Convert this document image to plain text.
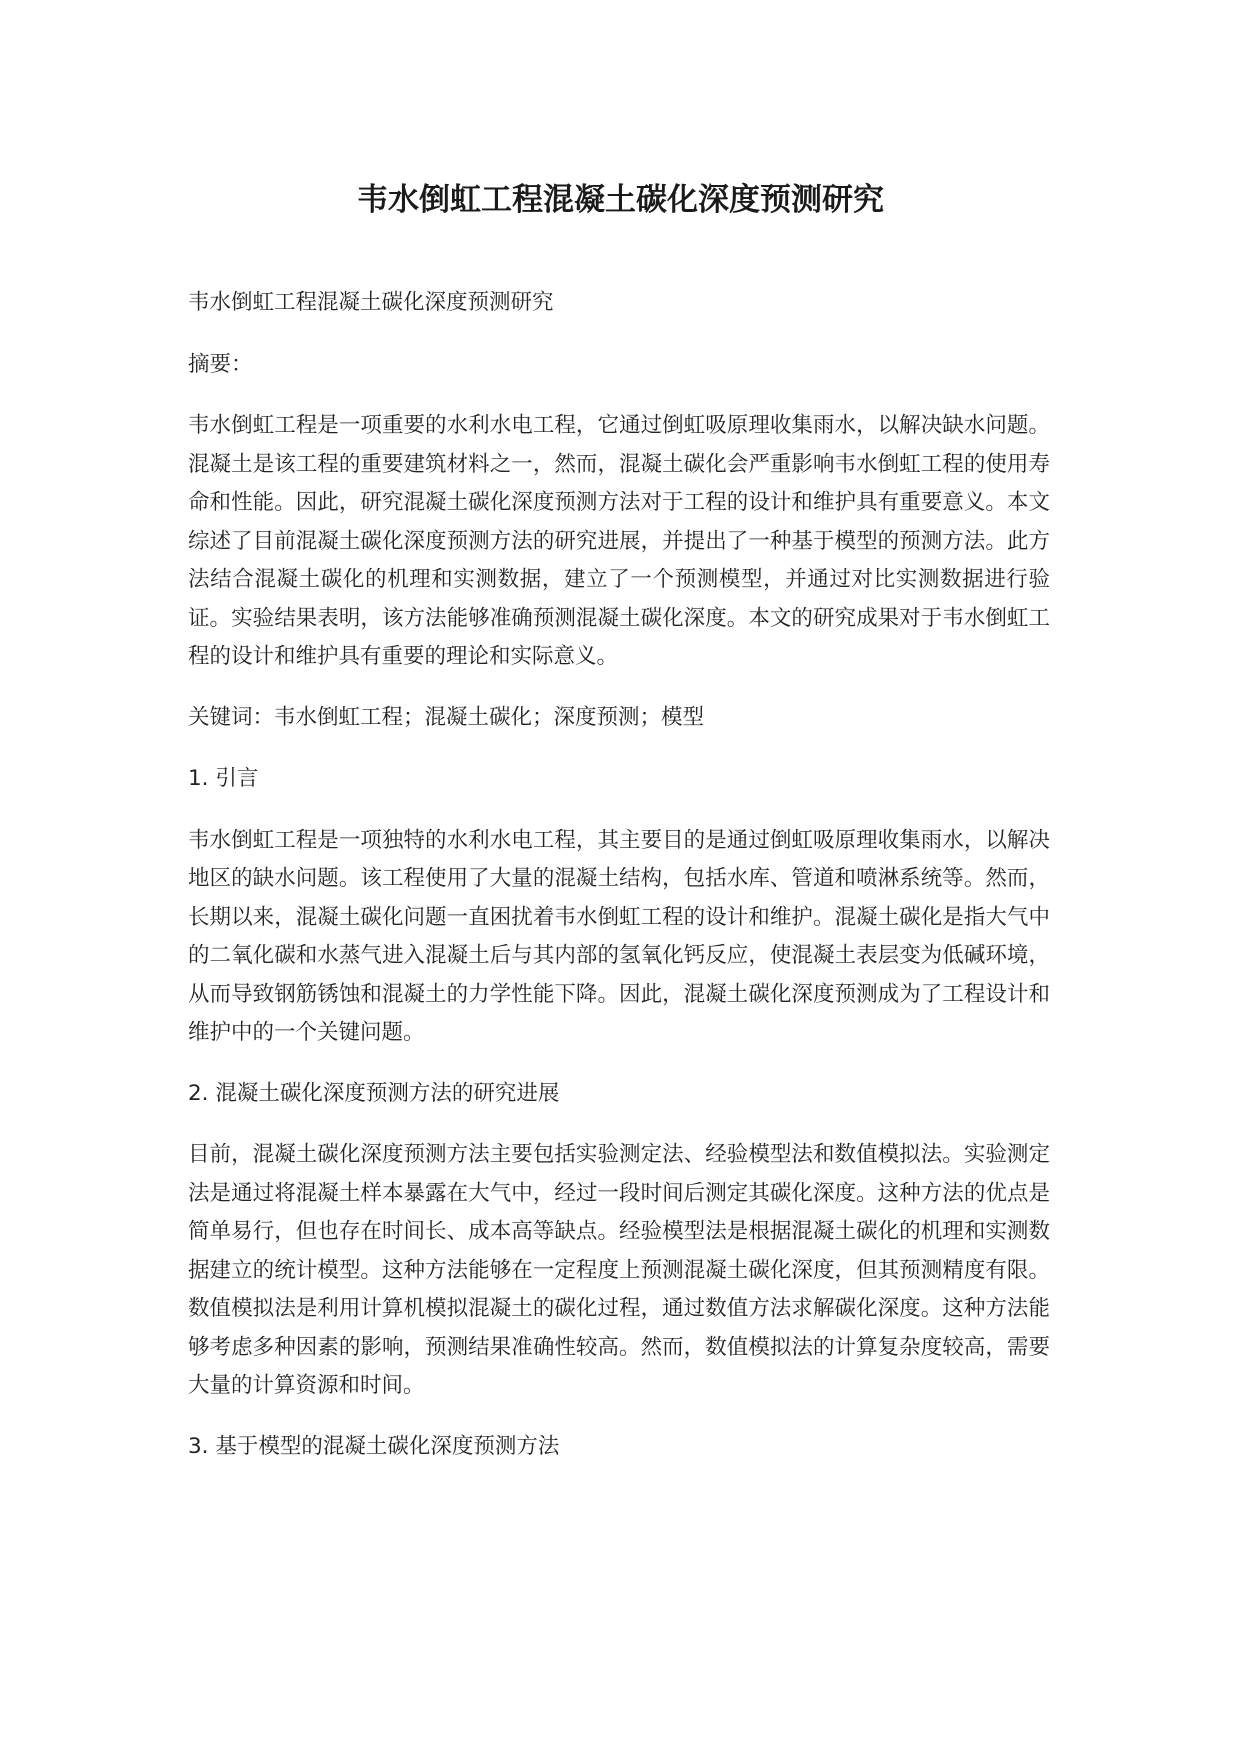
韦水倒虹工程混凝土碳化深度预测研究

韦水倒虹工程混凝土碳化深度预测研究

摘要：

韦水倒虹工程是一项重要的水利水电工程，它通过倒虹吸原理收集雨水，以解决缺水问题。混凝土是该工程的重要建筑材料之一，然而，混凝土碳化会严重影响韦水倒虹工程的使用寿命和性能。因此，研究混凝土碳化深度预测方法对于工程的设计和维护具有重要意义。本文综述了目前混凝土碳化深度预测方法的研究进展，并提出了一种基于模型的预测方法。此方法结合混凝土碳化的机理和实测数据，建立了一个预测模型，并通过对比实测数据进行验证。实验结果表明，该方法能够准确预测混凝土碳化深度。本文的研究成果对于韦水倒虹工程的设计和维护具有重要的理论和实际意义。

关键词：韦水倒虹工程；混凝土碳化；深度预测；模型

1. 引言

韦水倒虹工程是一项独特的水利水电工程，其主要目的是通过倒虹吸原理收集雨水，以解决地区的缺水问题。该工程使用了大量的混凝土结构，包括水库、管道和喷淋系统等。然而，长期以来，混凝土碳化问题一直困扰着韦水倒虹工程的设计和维护。混凝土碳化是指大气中的二氧化碳和水蒸气进入混凝土后与其内部的氢氧化钙反应，使混凝土表层变为低碱环境，从而导致钢筋锈蚀和混凝土的力学性能下降。因此，混凝土碳化深度预测成为了工程设计和维护中的一个关键问题。

2. 混凝土碳化深度预测方法的研究进展

目前，混凝土碳化深度预测方法主要包括实验测定法、经验模型法和数值模拟法。实验测定法是通过将混凝土样本暴露在大气中，经过一段时间后测定其碳化深度。这种方法的优点是简单易行，但也存在时间长、成本高等缺点。经验模型法是根据混凝土碳化的机理和实测数据建立的统计模型。这种方法能够在一定程度上预测混凝土碳化深度，但其预测精度有限。数值模拟法是利用计算机模拟混凝土的碳化过程，通过数值方法求解碳化深度。这种方法能够考虑多种因素的影响，预测结果准确性较高。然而，数值模拟法的计算复杂度较高，需要大量的计算资源和时间。

3. 基于模型的混凝土碳化深度预测方法
